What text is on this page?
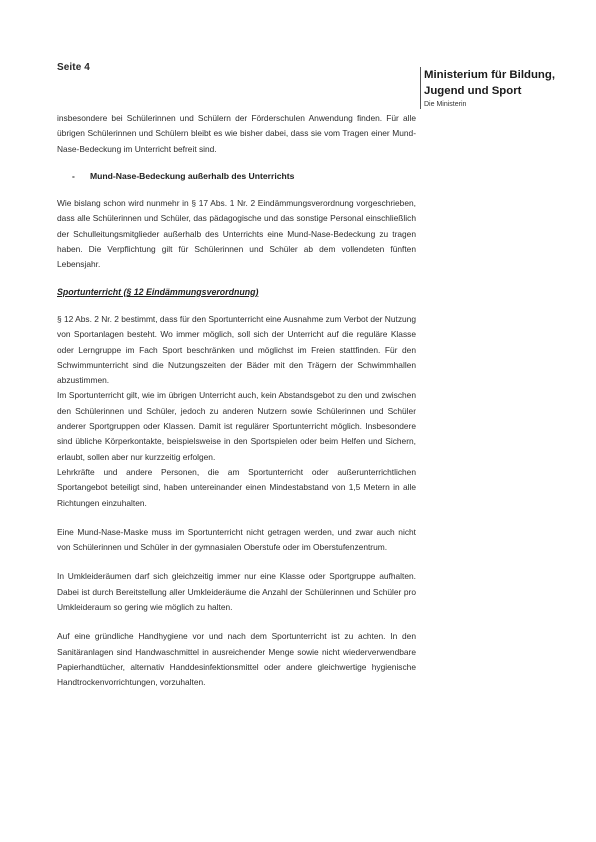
Seite 4
Ministerium für Bildung,
Jugend und Sport
Die Ministerin

insbesondere bei Schülerinnen und Schülern der Förderschulen Anwendung finden. Für alle übrigen Schülerinnen und Schülern bleibt es wie bisher dabei, dass sie vom Tragen einer Mund-Nase-Bedeckung im Unterricht befreit sind.

-	Mund-Nase-Bedeckung außerhalb des Unterrichts

Wie bislang schon wird nunmehr in § 17 Abs. 1 Nr. 2 Eindämmungsverordnung vorgeschrieben, dass alle Schülerinnen und Schüler, das pädagogische und das sonstige Personal einschließlich der Schulleitungsmitglieder außerhalb des Unterrichts eine Mund-Nase-Bedeckung zu tragen haben. Die Verpflichtung gilt für Schülerinnen und Schüler ab dem vollendeten fünften Lebensjahr.

Sportunterricht (§ 12 Eindämmungsverordnung)

§ 12 Abs. 2 Nr. 2 bestimmt, dass für den Sportunterricht eine Ausnahme zum Verbot der Nutzung von Sportanlagen besteht. Wo immer möglich, soll sich der Unterricht auf die reguläre Klasse oder Lerngruppe im Fach Sport beschränken und möglichst im Freien stattfinden. Für den Schwimmunterricht sind die Nutzungszeiten der Bäder mit den Trägern der Schwimmhallen abzustimmen.

Im Sportunterricht gilt, wie im übrigen Unterricht auch, kein Abstandsgebot zu den und zwischen den Schülerinnen und Schüler, jedoch zu anderen Nutzern sowie Schülerinnen und Schüler anderer Sportgruppen oder Klassen. Damit ist regulärer Sportunterricht möglich. Insbesondere sind übliche Körperkontakte, beispielsweise in den Sportspielen oder beim Helfen und Sichern, erlaubt, sollen aber nur kurzzeitig erfolgen.

Lehrkräfte und andere Personen, die am Sportunterricht oder außerunterrichtlichen Sportangebot beteiligt sind, haben untereinander einen Mindestabstand von 1,5 Metern in alle Richtungen einzuhalten.

Eine Mund-Nase-Maske muss im Sportunterricht nicht getragen werden, und zwar auch nicht von Schülerinnen und Schüler in der gymnasialen Oberstufe oder im Oberstufenzentrum.

In Umkleideräumen darf sich gleichzeitig immer nur eine Klasse oder Sportgruppe aufhalten. Dabei ist durch Bereitstellung aller Umkleideräume die Anzahl der Schülerinnen und Schüler pro Umkleideraum so gering wie möglich zu halten.

Auf eine gründliche Handhygiene vor und nach dem Sportunterricht ist zu achten. In den Sanitäranlagen sind Handwaschmittel in ausreichender Menge sowie nicht wiederverwendbare Papierhandtücher, alternativ Handdesinfektionsmittel oder andere gleichwertige hygienische Handtrockenvorrichtungen, vorzuhalten.
